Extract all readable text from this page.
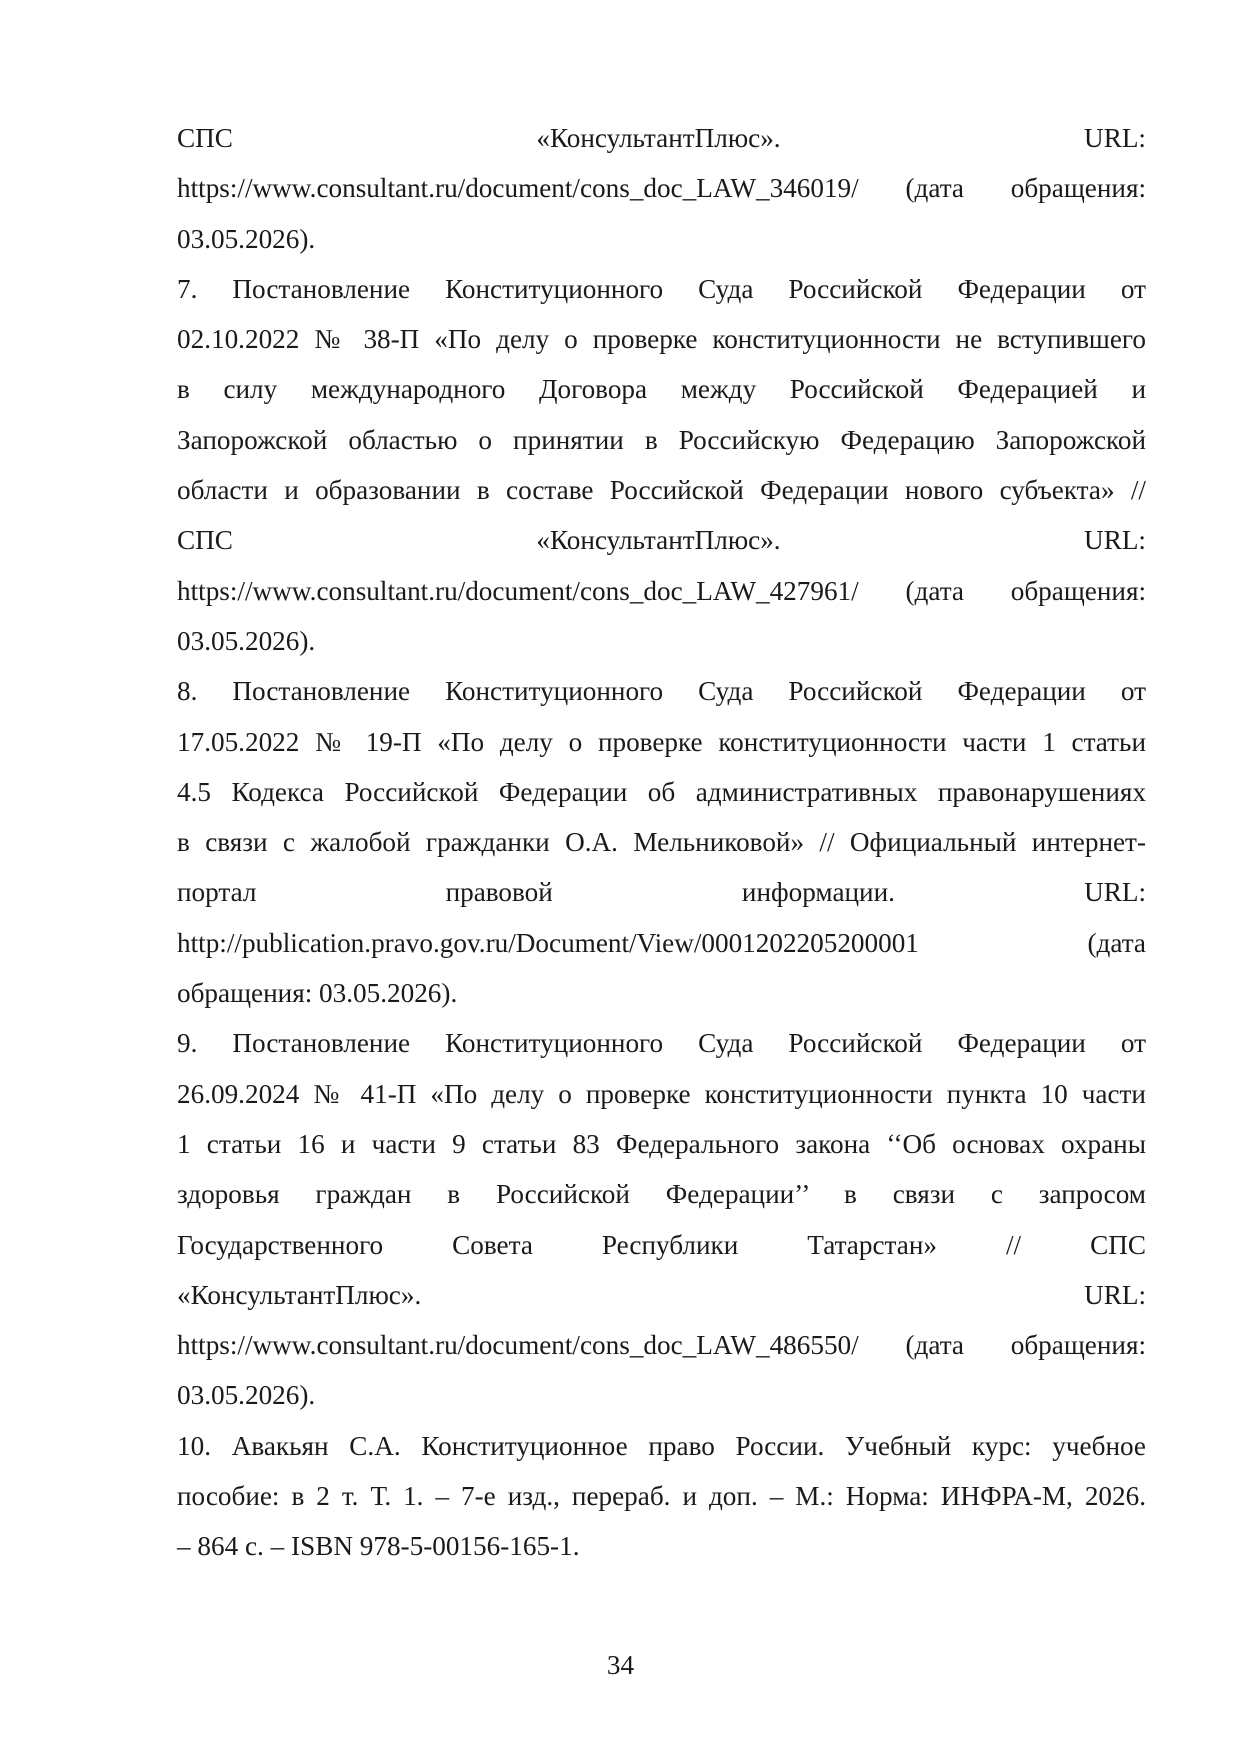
СПС «КонсультантПлюс». URL:

https://www.consultant.ru/document/cons_doc_LAW_346019/ (дата обращения:

03.05.2026).

7. Постановление Конституционного Суда Российской Федерации от

02.10.2022 № 38-П «По делу о проверке конституционности не вступившего

в силу международного Договора между Российской Федерацией и

Запорожской областью о принятии в Российскую Федерацию Запорожской

области и образовании в составе Российской Федерации нового субъекта» //

СПС «КонсультантПлюс». URL:

https://www.consultant.ru/document/cons_doc_LAW_427961/ (дата обращения:

03.05.2026).

8. Постановление Конституционного Суда Российской Федерации от

17.05.2022 № 19-П «По делу о проверке конституционности части 1 статьи

4.5 Кодекса Российской Федерации об административных правонарушениях

в связи с жалобой гражданки О.А. Мельниковой» // Официальный интернет-

портал правовой информации. URL:

http://publication.pravo.gov.ru/Document/View/0001202205200001 (дата

обращения: 03.05.2026).

9. Постановление Конституционного Суда Российской Федерации от

26.09.2024 № 41-П «По делу о проверке конституционности пункта 10 части

1 статьи 16 и части 9 статьи 83 Федерального закона ‘‘Об основах охраны

здоровья граждан в Российской Федерации’’ в связи с запросом

Государственного Совета Республики Татарстан» // СПС

«КонсультантПлюс». URL:

https://www.consultant.ru/document/cons_doc_LAW_486550/ (дата обращения:

03.05.2026).

10. Авакьян С.А. Конституционное право России. Учебный курс: учебное

пособие: в 2 т. Т. 1. – 7-е изд., перераб. и доп. – М.: Норма: ИНФРА-М, 2026.

– 864 с. – ISBN 978-5-00156-165-1.

34
